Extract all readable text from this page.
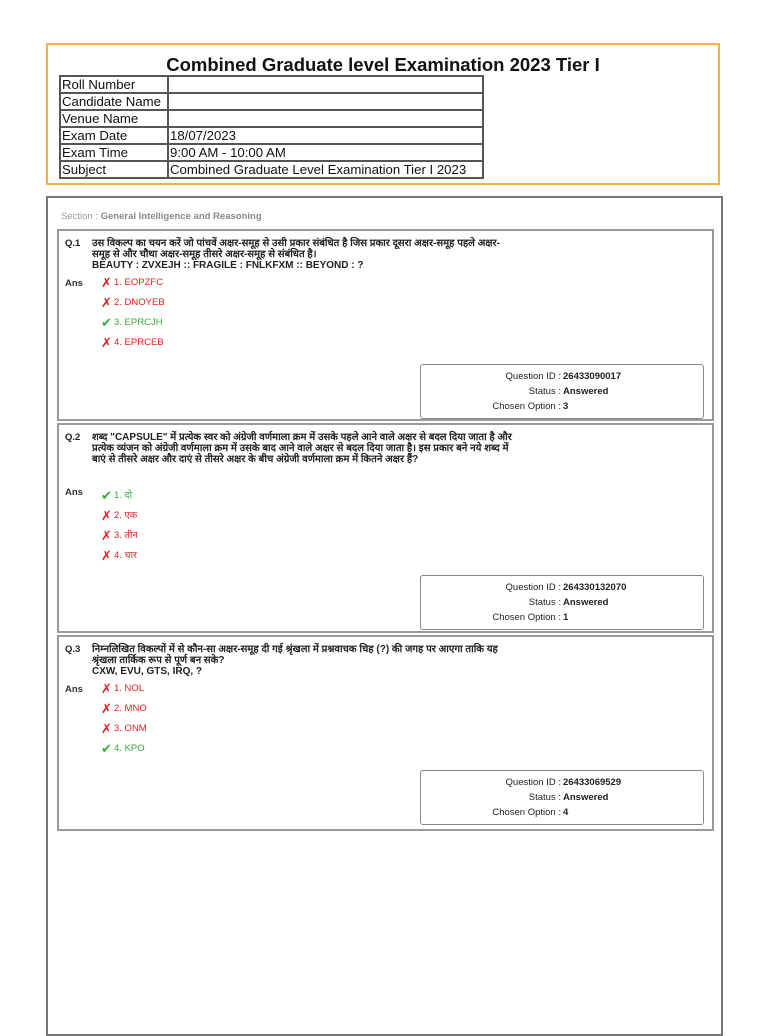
Combined Graduate level Examination 2023 Tier I
Roll Number	
Candidate Name	
Venue Name	
Exam Date	18/07/2023
Exam Time	9:00 AM - 10:00 AM
Subject	Combined Graduate Level Examination Tier I 2023
Section : General Intelligence and Reasoning
Q.1 उस विकल्प का चयन करें जो पांचवें अक्षर-समूह से उसी प्रकार संबंधित है जिस प्रकार दूसरा अक्षर-समूह पहले अक्षर-समूह से और चौथा अक्षर-समूह तीसरे अक्षर-समूह से संबंधित है।
BEAUTY : ZVXEJH :: FRAGILE : FNLKFXM :: BEYOND : ?
Ans ✗ 1. EOPZFC
✗ 2. DNOYEB
✔ 3. EPRCJH
✗ 4. EPRCEB
Question ID : 26433090017
Status : Answered
Chosen Option : 3
Q.2 शब्द "CAPSULE" में प्रत्येक स्वर को अंग्रेजी वर्णमाला क्रम में उसके पहले आने वाले अक्षर से बदल दिया जाता है और प्रत्येक व्यंजन को अंग्रेजी वर्णमाला क्रम में उसके बाद आने वाले अक्षर से बदल दिया जाता है। इस प्रकार बने नये शब्द में बाएं से तीसरे अक्षर और दाएं से तीसरे अक्षर के बीच अंग्रेजी वर्णमाला क्रम में कितने अक्षर हैं?
Ans ✔ 1. दो
✗ 2. एक
✗ 3. तीन
✗ 4. चार
Question ID : 264330132070
Status : Answered
Chosen Option : 1
Q.3 निम्नलिखित विकल्पों में से कौन-सा अक्षर-समूह दी गई श्रृंखला में प्रश्नवाचक चिह (?) की जगह पर आएगा ताकि यह श्रृंखला तार्किक रूप से पूर्ण बन सके?
CXW, EVU, GTS, IRQ, ?
Ans ✗ 1. NOL
✗ 2. MNO
✗ 3. ONM
✔ 4. KPO
Question ID : 26433069529
Status : Answered
Chosen Option : 4
